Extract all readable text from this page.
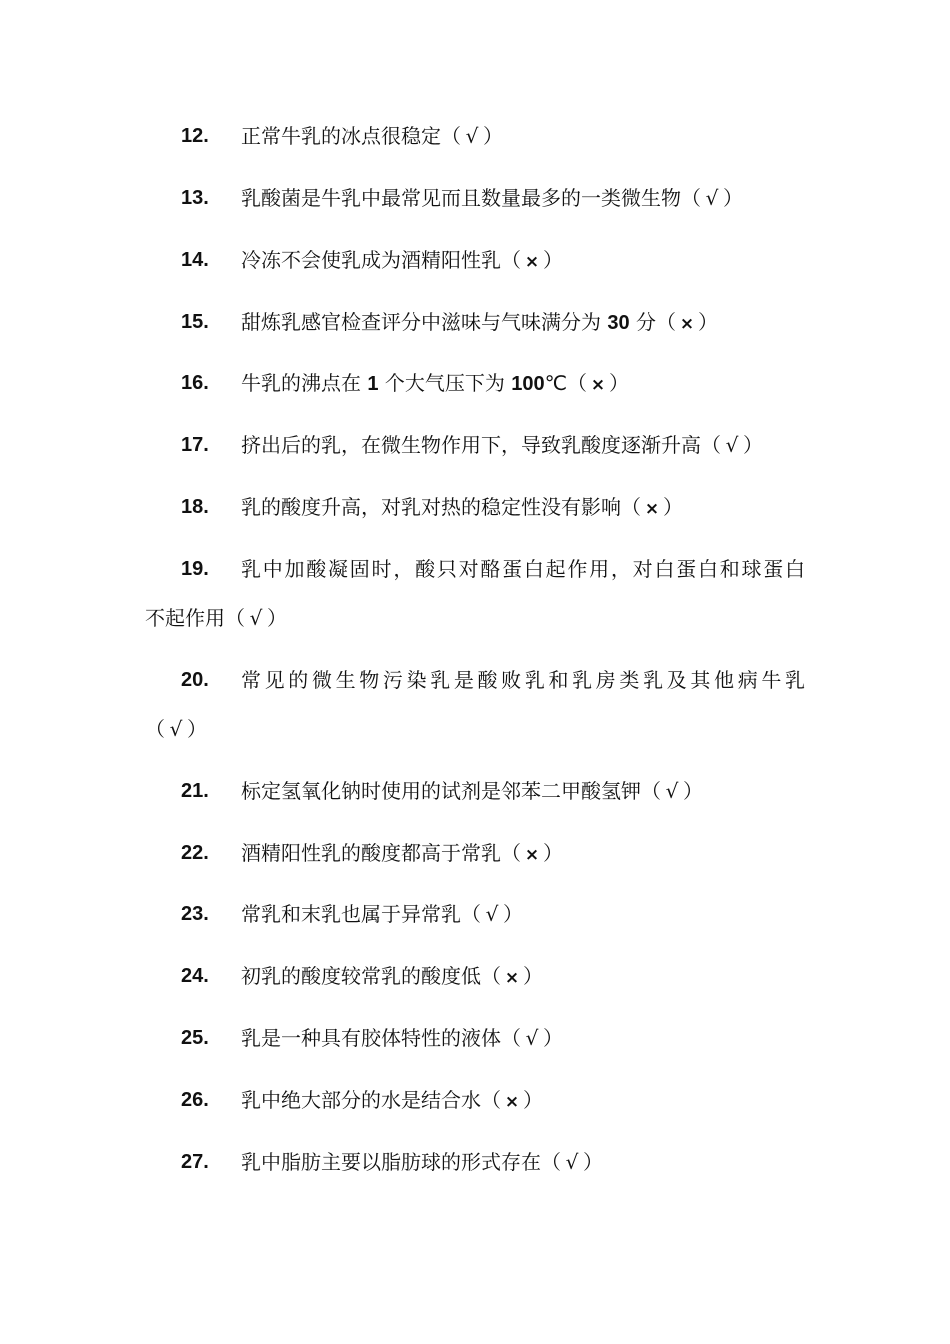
12. 正常牛乳的冰点很稳定（ √ ）
13. 乳酸菌是牛乳中最常见而且数量最多的一类微生物（ √ ）
14. 冷冻不会使乳成为酒精阳性乳（ × ）
15. 甜炼乳感官检查评分中滋味与气味满分为 30 分（ × ）
16. 牛乳的沸点在 1 个大气压下为 100℃（ × ）
17. 挤出后的乳，在微生物作用下，导致乳酸度逐渐升高（ √ ）
18. 乳的酸度升高，对乳对热的稳定性没有影响（ × ）
19. 乳中加酸凝固时，酸只对酪蛋白起作用，对白蛋白和球蛋白
不起作用（ √ ）
20. 常见的微生物污染乳是酸败乳和乳房类乳及其他病牛乳
（ √ ）
21. 标定氢氧化钠时使用的试剂是邻苯二甲酸氢钾（ √ ）
22. 酒精阳性乳的酸度都高于常乳（ × ）
23. 常乳和末乳也属于异常乳（ √ ）
24. 初乳的酸度较常乳的酸度低（ × ）
25. 乳是一种具有胶体特性的液体（ √ ）
26. 乳中绝大部分的水是结合水（ × ）
27. 乳中脂肪主要以脂肪球的形式存在（ √ ）
